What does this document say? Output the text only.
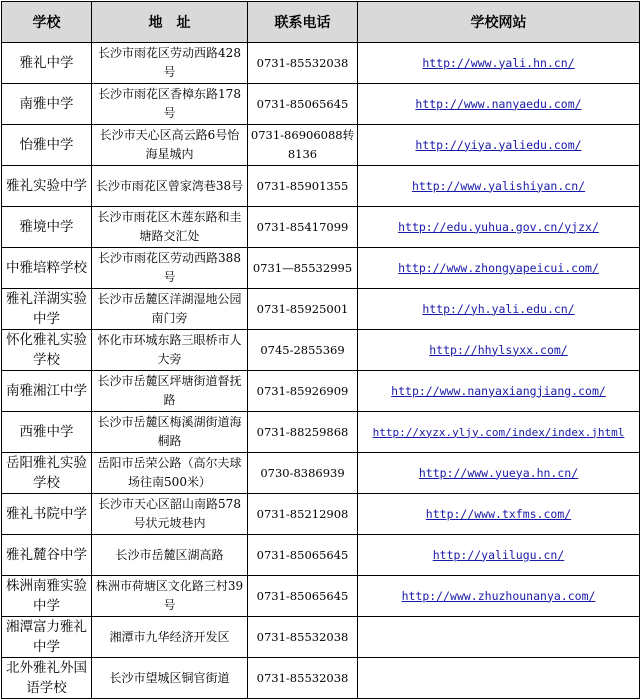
学校	地　址	联系电话	学校网站
雅礼中学	长沙市雨花区劳动西路428号	0731-85532038	http://www.yali.hn.cn/
南雅中学	长沙市雨花区香樟东路178号	0731-85065645	http://www.nanyaedu.com/
怡雅中学	长沙市天心区高云路6号怡海星城内	0731-86906088转 8136	http://yiya.yaliedu.com/
雅礼实验中学	长沙市雨花区曾家湾巷38号	0731-85901355	http://www.yalishiyan.cn/
雅境中学	长沙市雨花区木莲东路和圭塘路交汇处	0731-85417099	http://edu.yuhua.gov.cn/yjzx/
中雅培粹学校	长沙市雨花区劳动西路388号	0731—85532995	http://www.zhongyapeicui.com/
雅礼洋湖实验中学	长沙市岳麓区洋湖湿地公园南门旁	0731-85925001	http://yh.yali.edu.cn/
怀化雅礼实验学校	怀化市环城东路三眼桥市人大旁	0745-2855369	http://hhylsyxx.com/
南雅湘江中学	长沙市岳麓区坪塘街道督抚路	0731-85926909	http://www.nanyaxiangjiang.com/
西雅中学	长沙市岳麓区梅溪湖街道海桐路	0731-88259868	http://xyzx.yljy.com/index/index.jhtml
岳阳雅礼实验学校	岳阳市岳荣公路（高尔夫球场往南500米）	0730-8386939	http://www.yueya.hn.cn/
雅礼书院中学	长沙市天心区韶山南路578号状元坡巷内	0731-85212908	http://www.txfms.com/
雅礼麓谷中学	长沙市岳麓区湖高路	0731-85065645	http://yalilugu.cn/
株洲南雅实验中学	株洲市荷塘区文化路三村39号	0731-85065645	http://www.zhuzhounanya.com/
湘潭富力雅礼中学	湘潭市九华经济开发区	0731-85532038	
北外雅礼外国语学校	长沙市望城区铜官街道	0731-85532038	
